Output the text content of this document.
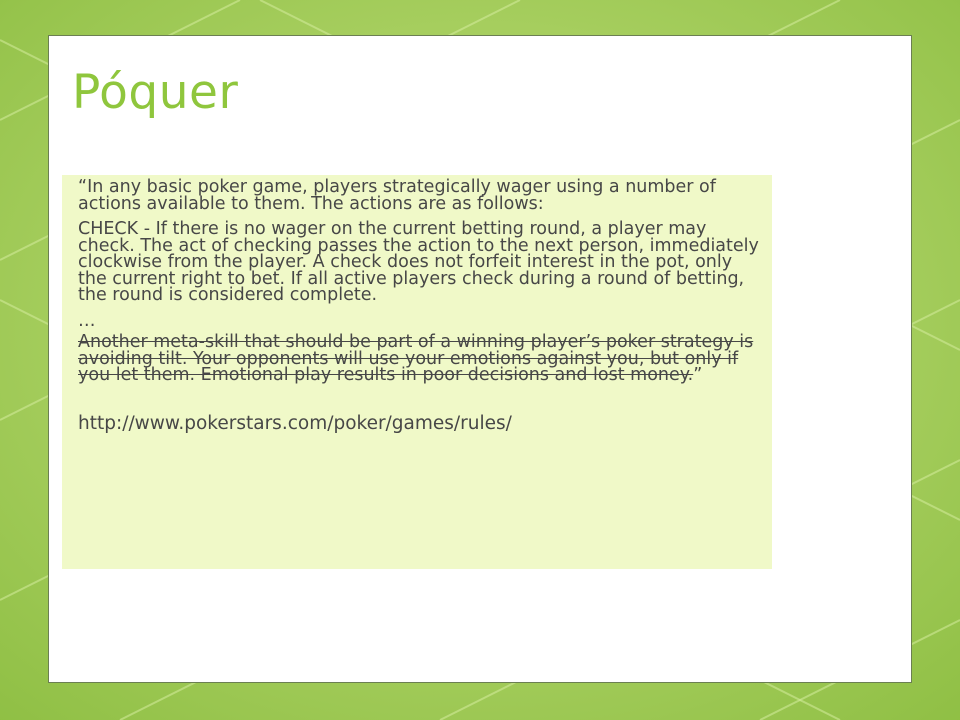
Póquer

“In any basic poker game, players strategically wager using a number of actions available to them. The actions are as follows:

CHECK - If there is no wager on the current betting round, a player may check. The act of checking passes the action to the next person, immediately clockwise from the player. A check does not forfeit interest in the pot, only the current right to bet. If all active players check during a round of betting, the round is considered complete.

…

Another meta-skill that should be part of a winning player’s poker strategy is avoiding tilt. Your opponents will use your emotions against you, but only if you let them. Emotional play results in poor decisions and lost money.”

http://www.pokerstars.com/poker/games/rules/
